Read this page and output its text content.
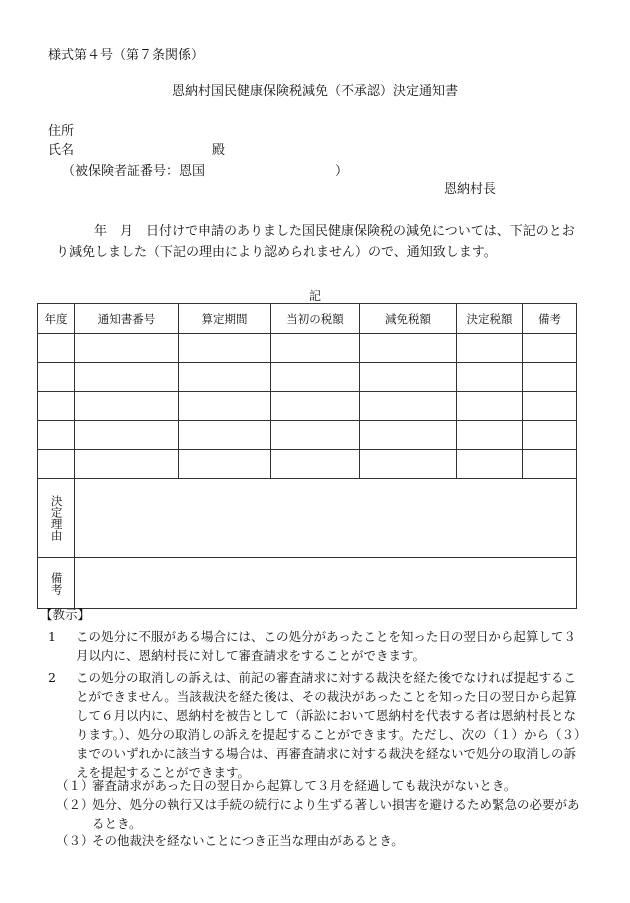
様式第４号（第７条関係）
恩納村国民健康保険税減免（不承認）決定通知書
住所
氏名	殿
（被保険者証番号：恩国	）
恩納村長
年　月　日付けで申請のありました国民健康保険税の減免については、下記のとおり減免しました（下記の理由により認められません）ので、通知致します。
記
年度	通知書番号	算定期間	当初の税額	減免税額	決定税額	備考

決定理由						

備考						

【教示】
1 この処分に不服がある場合には、この処分があったことを知った日の翌日から起算して３月以内に、恩納村長に対して審査請求をすることができます。
2 この処分の取消しの訴えは、前記の審査請求に対する裁決を経た後でなければ提起することができません。当該裁決を経た後は、その裁決があったことを知った日の翌日から起算して６月以内に、恩納村を被告として（訴訟において恩納村を代表する者は恩納村長となります。）、処分の取消しの訴えを提起することができます。ただし、次の（１）から（３）までのいずれかに該当する場合は、再審査請求に対する裁決を経ないで処分の取消しの訴えを提起することができます。
（１）
審査請求があった日の翌日から起算して３月を経過しても裁決がないとき。
（２）
処分、処分の執行又は手続の続行により生ずる著しい損害を避けるため緊急の必要があるとき。
（３）
その他裁決を経ないことにつき正当な理由があるとき。
